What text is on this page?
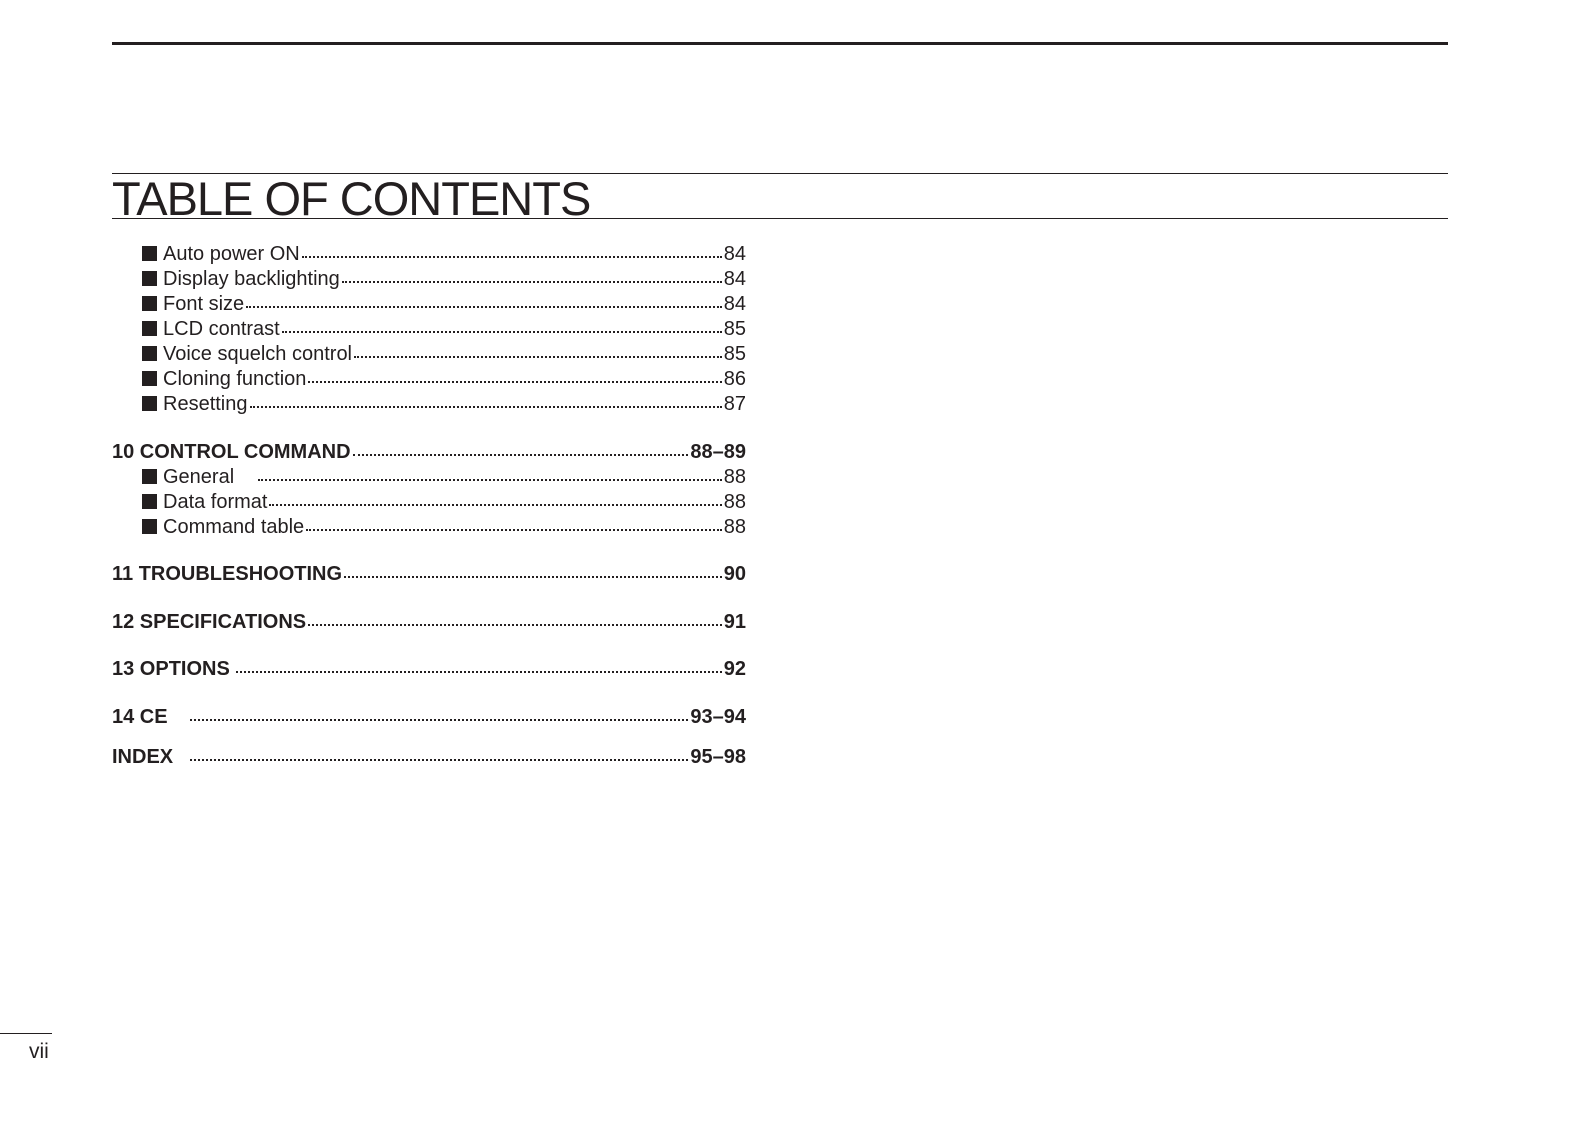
TABLE OF CONTENTS
Auto power ON	84
Display backlighting	84
Font size	84
LCD contrast	85
Voice squelch control	85
Cloning function	86
Resetting	87
10 CONTROL COMMAND	88–89
General	88
Data format	88
Command table	88
11 TROUBLESHOOTING	90
12 SPECIFICATIONS	91
13 OPTIONS	92
14 CE	93–94
INDEX	95–98
vii
